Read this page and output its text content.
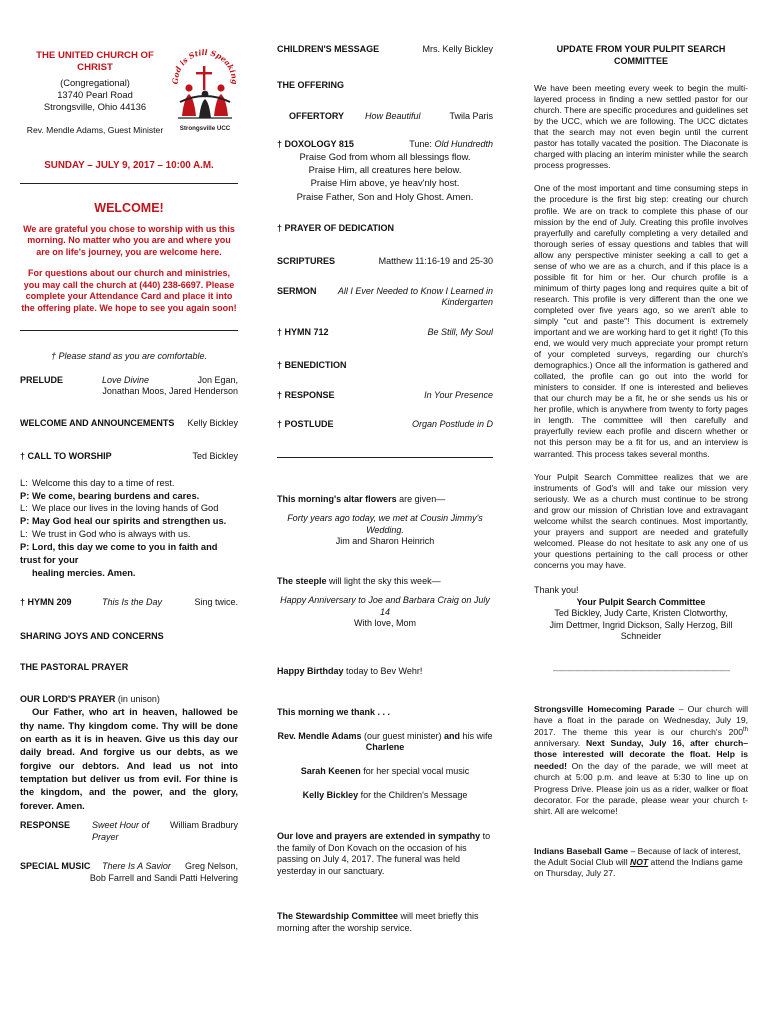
THE UNITED CHURCH OF CHRIST
(Congregational)
13740 Pearl Road
Strongsville, Ohio 44136
Rev. Mendle Adams, Guest Minister
God is Still Speaking
Strongsville UCC
SUNDAY – JULY 9, 2017 – 10:00 A.M.
WELCOME!
We are grateful you chose to worship with us this morning. No matter who you are and where you are on life's journey, you are welcome here.
For questions about our church and ministries, you may call the church at (440) 238-6697. Please complete your Attendance Card and place it into the offering plate. We hope to see you again soon!
† Please stand as you are comfortable.
PRELUDE	Love Divine	Jon Egan,
Jonathan Moos, Jared Henderson
WELCOME AND ANNOUNCEMENTS Kelly Bickley
† CALL TO WORSHIP	Ted Bickley

L: Welcome this day to a time of rest.

P: We come, bearing burdens and cares.

L: We place our lives in the loving hands of God

P: May God heal our spirits and strengthen us.

L: We trust in God who is always with us.

P: Lord, this day we come to you in faith and trust for your

healing mercies. Amen.

† HYMN 209	This Is the Day	Sing twice.
SHARING JOYS AND CONCERNS
THE PASTORAL PRAYER
OUR LORD'S PRAYER (in unison)
Our Father, who art in heaven, hallowed be thy name. Thy kingdom come. Thy will be done on earth as it is in heaven. Give us this day our daily bread. And forgive us our debts, as we forgive our debtors. And lead us not into temptation but deliver us from evil. For thine is the kingdom, and the power, and the glory, forever. Amen.
RESPONSE	Sweet Hour of Prayer
William Bradbury
SPECIAL MUSIC	There Is A Savior	Greg Nelson,
Bob Farrell and Sandi Patti Helvering
CHILDREN'S MESSAGE	Mrs. Kelly Bickley
THE OFFERING
OFFERTORY	How Beautiful	Twila Paris
† DOXOLOGY 815	Tune: Old Hundredth
Praise God from whom all blessings flow.
Praise Him, all creatures here below.
Praise Him above, ye heav'nly host.
Praise Father, Son and Holy Ghost. Amen.
† PRAYER OF DEDICATION
SCRIPTURES	Matthew 11:16-19 and 25-30
SERMON	All I Ever Needed to Know I Learned in Kindergarten
† HYMN 712	Be Still, My Soul
† BENEDICTION
† RESPONSE	In Your Presence
† POSTLUDE	Organ Postlude in D
This morning's altar flowers are given—
Forty years ago today, we met at Cousin Jimmy's Wedding.
Jim and Sharon Heinrich
The steeple will light the sky this week—
Happy Anniversary to Joe and Barbara Craig on July 14
With love, Mom
Happy Birthday today to Bev Wehr!
This morning we thank . . .
Rev. Mendle Adams (our guest minister) and his wife Charlene
Sarah Keenen for her special vocal music
Kelly Bickley for the Children's Message
Our love and prayers are extended in sympathy to the family of Don Kovach on the occasion of his passing on July 4, 2017. The funeral was held yesterday in our sanctuary.
The Stewardship Committee will meet briefly this morning after the worship service.
UPDATE FROM YOUR PULPIT SEARCH COMMITTEE
We have been meeting every week to begin the multi-layered process in finding a new settled pastor for our church. There are specific procedures and guidelines set by the UCC, which we are following. The UCC dictates that the search may not even begin until the current pastor has totally vacated the position. The Diaconate is charged with placing an interim minister while the search process progresses.
One of the most important and time consuming steps in the procedure is the first big step: creating our church profile. We are on track to complete this phase of our mission by the end of July. Creating this profile involves prayerfully and carefully completing a very detailed and thorough series of essay questions and tables that will allow any perspective minister seeking a call to get a sense of who we are as a church, and if this place is a possible fit for him or her. Our church profile is a minimum of thirty pages long and requires quite a bit of research. This profile is very different than the one we completed over five years ago, so we aren't able to simply "cut and paste"! This document is extremely important and we are working hard to get it right! (To this end, we would very much appreciate your prompt return of your completed surveys, regarding our church's demographics.) Once all the information is gathered and collated, the profile can go out into the world for ministers to consider. If one is interested and believes that our church may be a fit, he or she sends us his or her profile, which is anywhere from twenty to forty pages in length. The committee will then carefully and prayerfully review each profile and discern whether or not this person may be a fit for us, and an interview is warranted. This process takes several months.
Your Pulpit Search Committee realizes that we are instruments of God's will and take our mission very seriously. We as a church must continue to be strong and grow our mission of Christian love and extravagant welcome whilst the search continues. Most importantly, your prayers and support are needed and gratefully welcomed. Please do not hesitate to ask any one of us your questions pertaining to the call process or other concerns you may have.
Thank you!
Your Pulpit Search Committee
Ted Bickley, Judy Carte, Kristen Clotworthy,
Jim Dettmer, Ingrid Dickson, Sally Herzog, Bill Schneider
——————————————————————
Strongsville Homecoming Parade – Our church will have a float in the parade on Wednesday, July 19, 2017. The theme this year is our church's 200th anniversary. Next Sunday, July 16, after church–those interested will decorate the float. Help is needed! On the day of the parade, we will meet at church at 5:00 p.m. and leave at 5:30 to line up on Progress Drive. Please join us as a rider, walker or float decorator. For the parade, please wear your church t-shirt. All are welcome!
Indians Baseball Game – Because of lack of interest, the Adult Social Club will NOT attend the Indians game on Thursday, July 27.
